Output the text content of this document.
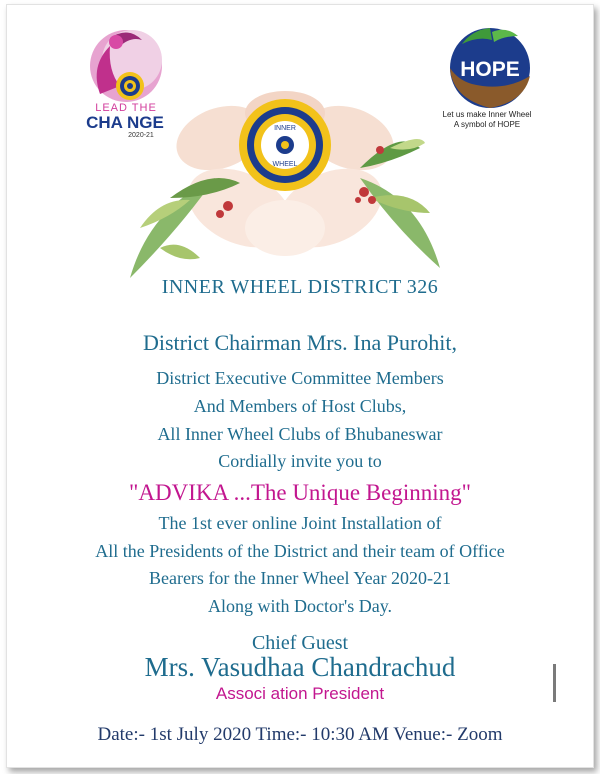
LEAD THE
CHA NGE
2020-21
HOPE
Let us make Inner Wheel
A symbol of HOPE
INNER
WHEEL
INNER WHEEL DISTRICT 326
District Chairman Mrs. Ina Purohit,
District Executive Committee Members
And Members of Host Clubs,
All Inner Wheel Clubs of Bhubaneswar
Cordially invite you to
"ADVIKA ...The Unique Beginning"
The 1st ever online Joint Installation of
All the Presidents of the District and their team of Office
Bearers for the Inner Wheel Year 2020-21
Along with Doctor's Day.
Chief Guest
Mrs. Vasudhaa Chandrachud
Associ ation President
Date:- 1st July 2020 Time:- 10:30 AM Venue:- Zoom
